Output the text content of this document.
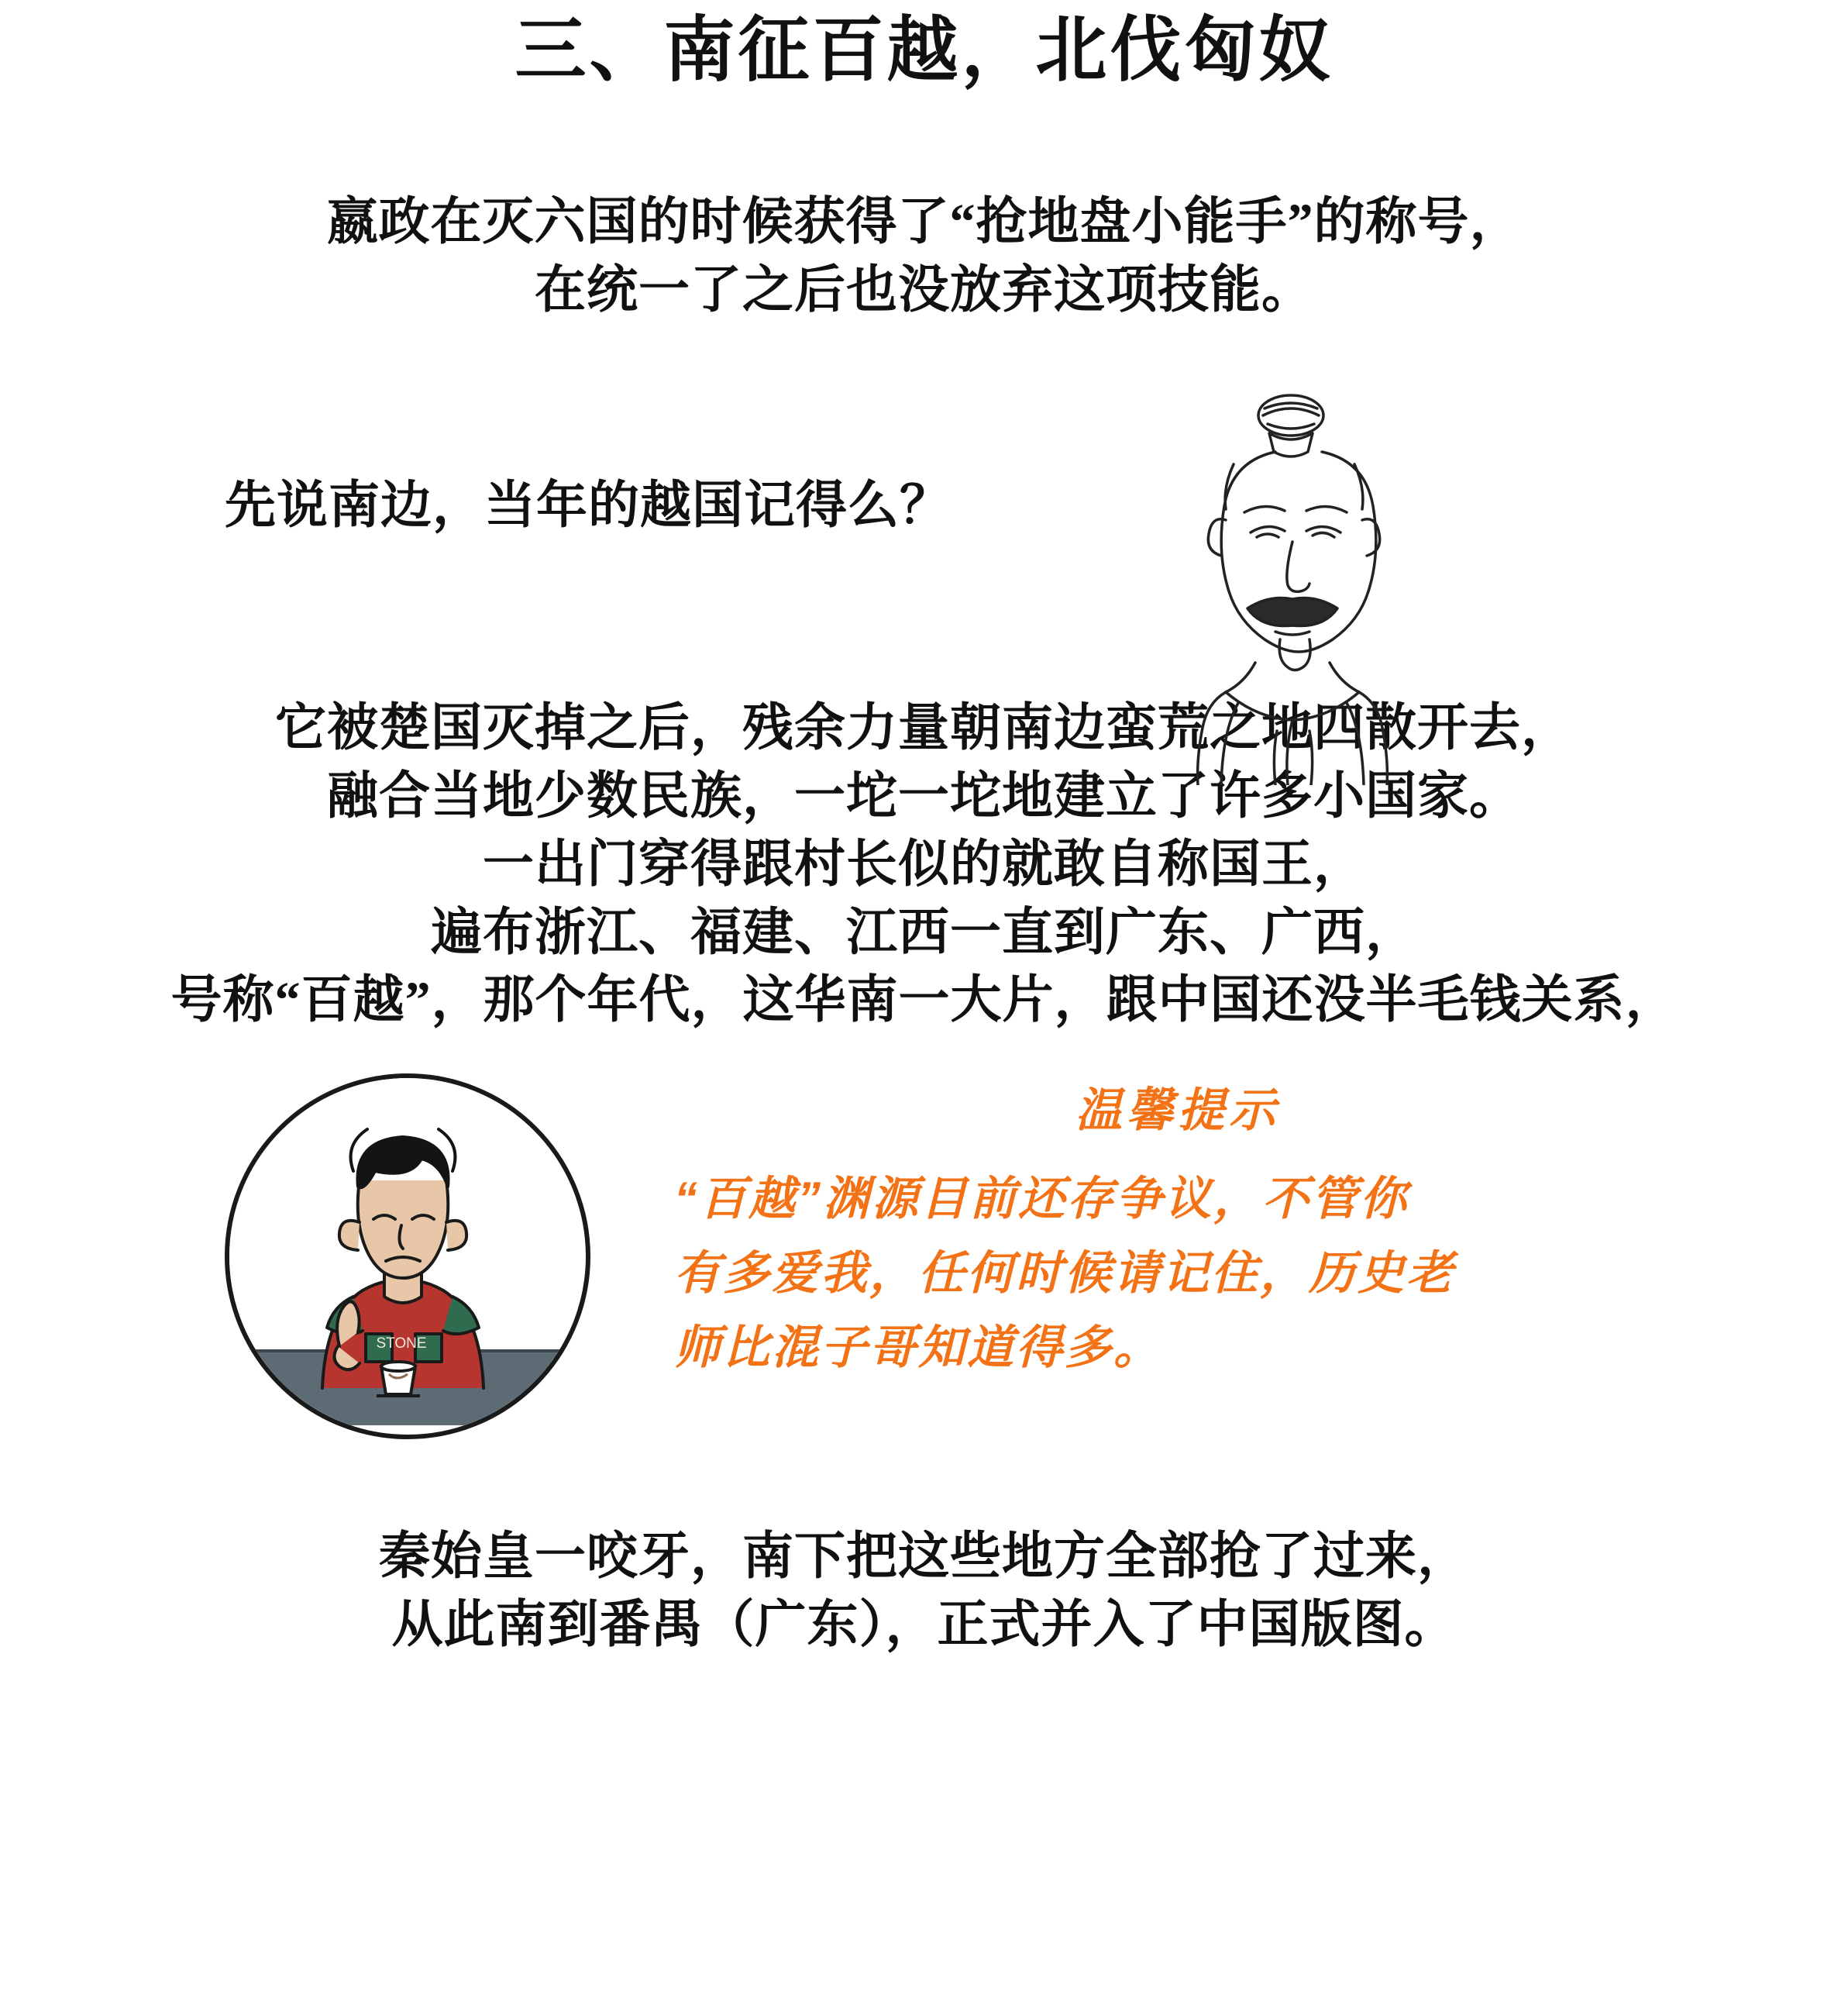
三、南征百越，北伐匈奴
嬴政在灭六国的时候获得了“抢地盘小能手”的称号，
在统一了之后也没放弃这项技能。
先说南边，当年的越国记得么？
它被楚国灭掉之后，残余力量朝南边蛮荒之地四散开去，
融合当地少数民族，一坨一坨地建立了许多小国家。
一出门穿得跟村长似的就敢自称国王，
遍布浙江、福建、江西一直到广东、广西，
号称“百越”，那个年代，这华南一大片，跟中国还没半毛钱关系，
STONE
温馨提示
“百越”渊源目前还存争议，不管你
有多爱我，任何时候请记住，历史老
师比混子哥知道得多。
秦始皇一咬牙，南下把这些地方全部抢了过来，
从此南到番禺（广东），正式并入了中国版图。
